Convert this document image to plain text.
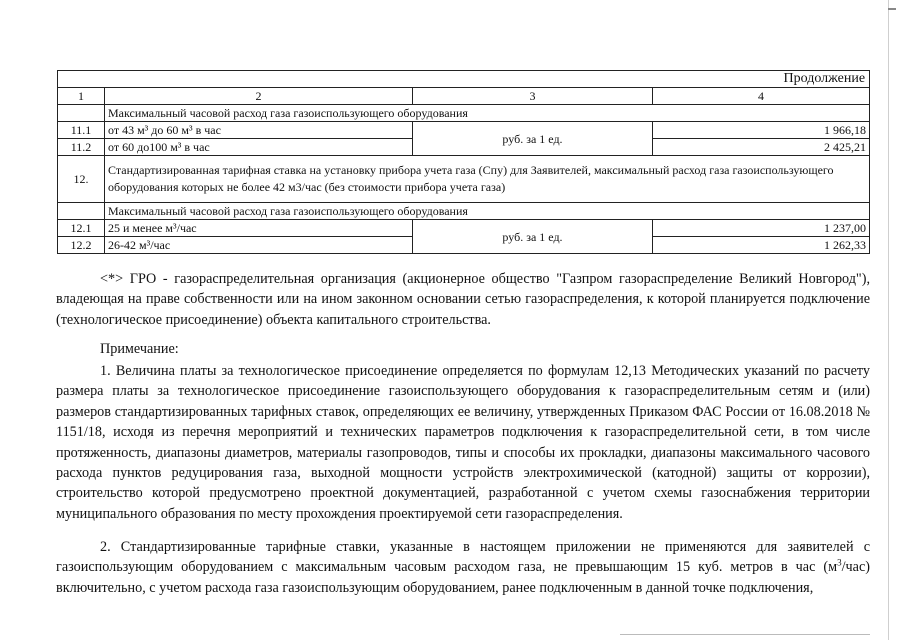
Продолжение			
1	2	3	4
	Максимальный часовой расход газа газоиспользующего оборудования		
11.1	от 43 м³ до 60 м³ в час	руб. за 1 ед.	1 966,18
11.2	от 60 до100 м³ в час		2 425,21
12.	Стандартизированная тарифная ставка на установку прибора учета газа (Спу) для Заявителей, максимальный расход газа газоиспользующего оборудования которых не более 42 м3/час (без стоимости прибора учета газа)		
	Максимальный часовой расход газа газоиспользующего оборудования		
12.1	25 и менее м³/час	руб. за 1 ед.	1 237,00
12.2	26-42 м³/час		1 262,33
<*> ГРО - газораспределительная организация (акционерное общество "Газпром газораспределение Великий Новгород"), владеющая на праве собственности или на ином законном основании сетью газораспределения, к которой планируется подключение (технологическое присоединение) объекта капитального строительства.
Примечание:
1. Величина платы за технологическое присоединение определяется по формулам 12,13 Методических указаний по расчету размера платы за технологическое присоединение газоиспользующего оборудования к газораспределительным сетям и (или) размеров стандартизированных тарифных ставок, определяющих ее величину, утвержденных Приказом ФАС России от 16.08.2018 № 1151/18, исходя из перечня мероприятий и технических параметров подключения к газораспределительной сети, в том числе протяженность, диапазоны диаметров, материалы газопроводов, типы и способы их прокладки, диапазоны максимального часового расхода пунктов редуцирования газа, выходной мощности устройств электрохимической (катодной) защиты от коррозии), строительство которой предусмотрено проектной документацией, разработанной с учетом схемы газоснабжения территории муниципального образования по месту прохождения проектируемой сети газораспределения.
2. Стандартизированные тарифные ставки, указанные в настоящем приложении не применяются для заявителей с газоиспользующим оборудованием с максимальным часовым расходом газа, не превышающим 15 куб. метров в час $(м^3/час)$ включительно, с учетом расхода газа газоиспользующим оборудованием, ранее подключенным в данной точке подключения,
